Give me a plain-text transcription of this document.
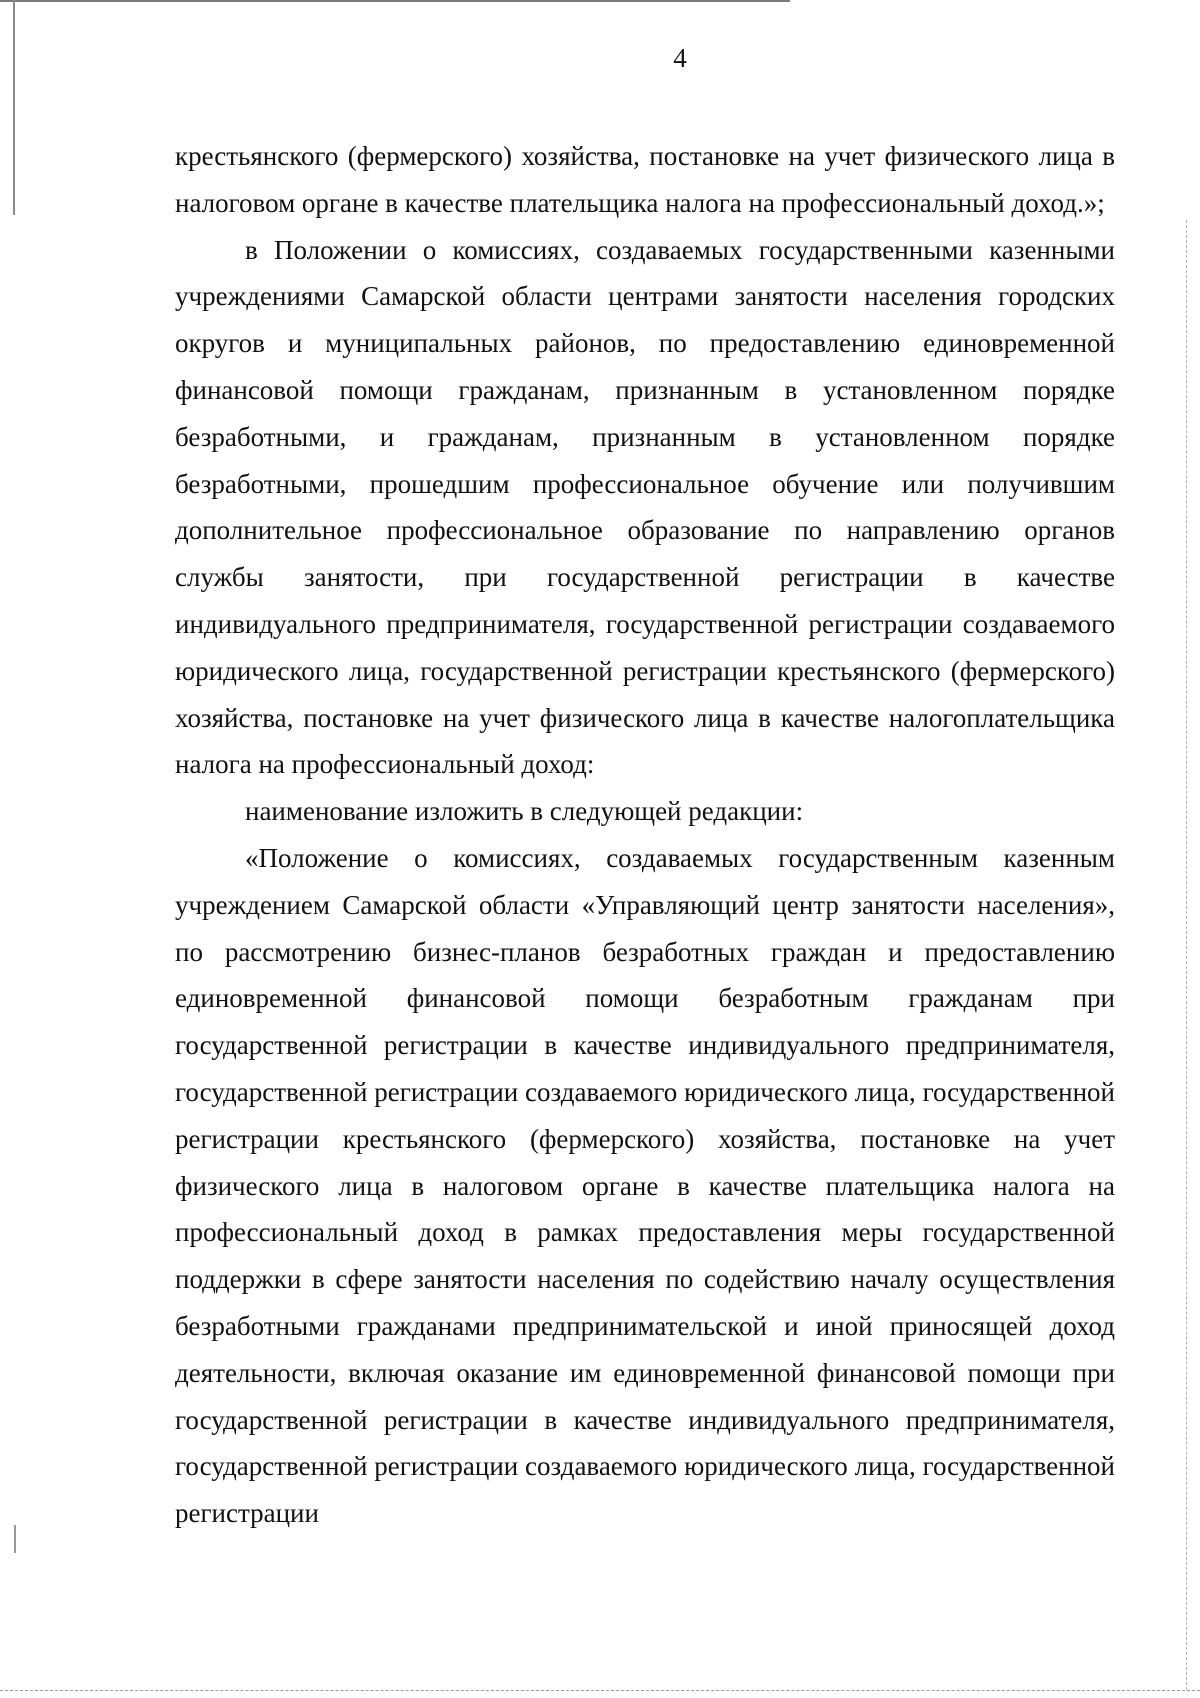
4

крестьянского (фермерского) хозяйства, постановке на учет физического лица в налоговом органе в качестве плательщика налога на профессиональный доход.»;

в Положении о комиссиях, создаваемых государственными казенными учреждениями Самарской области центрами занятости населения городских округов и муниципальных районов, по предоставлению единовременной финансовой помощи гражданам, признанным в установленном порядке безработными, и гражданам, признанным в установленном порядке безработными, прошедшим профессиональное обучение или получившим дополнительное профессиональное образование по направлению органов службы занятости, при государственной регистрации в качестве индивидуального предпринимателя, государственной регистрации создаваемого юридического лица, государственной регистрации крестьянского (фермерского) хозяйства, постановке на учет физического лица в качестве налогоплательщика налога на профессиональный доход:

наименование изложить в следующей редакции:

«Положение о комиссиях, создаваемых государственным казенным учреждением Самарской области «Управляющий центр занятости населения», по рассмотрению бизнес-планов безработных граждан и предоставлению единовременной финансовой помощи безработным гражданам при государственной регистрации в качестве индивидуального предпринимателя, государственной регистрации создаваемого юридического лица, государственной регистрации крестьянского (фермерского) хозяйства, постановке на учет физического лица в налоговом органе в качестве плательщика налога на профессиональный доход в рамках предоставления меры государственной поддержки в сфере занятости населения по содействию началу осуществления безработными гражданами предпринимательской и иной приносящей доход деятельности, включая оказание им единовременной финансовой помощи при государственной регистрации в качестве индивидуального предпринимателя, государственной регистрации создаваемого юридического лица, государственной регистрации
